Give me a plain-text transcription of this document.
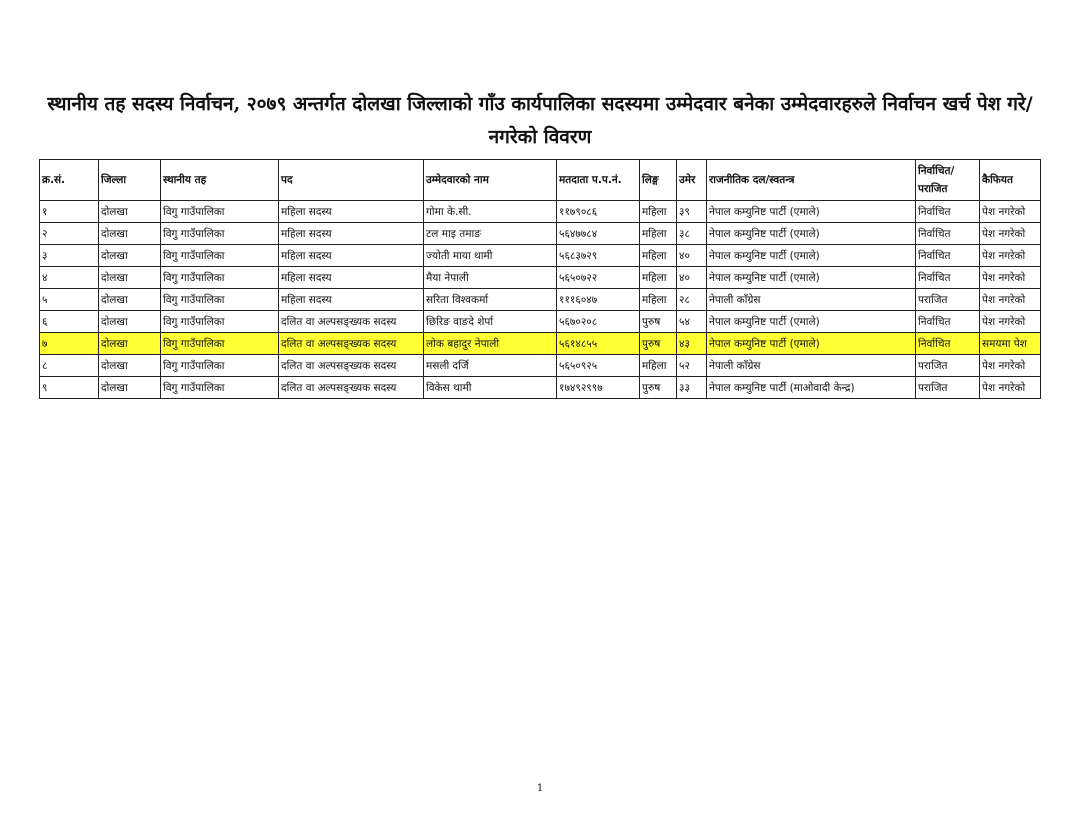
स्थानीय तह सदस्य निर्वाचन, २०७९ अन्तर्गत दोलखा जिल्लाको गाँउ कार्यपालिका सदस्यमा उम्मेदवार बनेका उम्मेदवारहरुले निर्वाचन खर्च पेश गरे/नगरेको विवरण
क्र.सं.	जिल्ला	स्थानीय तह	पद	उम्मेदवारको नाम	मतदाता प.प.नं.	लिङ्ग	उमेर	राजनीतिक दल/स्वतन्त्र	निर्वाचित/ पराजित	कैफियत
१	दोलखा	विगु गाउँपालिका	महिला सदस्य	गोमा के.सी.	११७९०८६	महिला	३९	नेपाल कम्युनिष्ट पार्टी (एमाले)	निर्वाचित	पेश नगरेको
२	दोलखा	विगु गाउँपालिका	महिला सदस्य	टल माइ तमाङ	५६४७७८४	महिला	३८	नेपाल कम्युनिष्ट पार्टी (एमाले)	निर्वाचित	पेश नगरेको
३	दोलखा	विगु गाउँपालिका	महिला सदस्य	ज्योती माया थामी	५६८३७२९	महिला	४०	नेपाल कम्युनिष्ट पार्टी (एमाले)	निर्वाचित	पेश नगरेको
४	दोलखा	विगु गाउँपालिका	महिला सदस्य	मैया नेपाली	५६५०७२२	महिला	४०	नेपाल कम्युनिष्ट पार्टी (एमाले)	निर्वाचित	पेश नगरेको
५	दोलखा	विगु गाउँपालिका	महिला सदस्य	सरिता विश्वकर्मा	१११६०४७	महिला	२८	नेपाली काँग्रेस	पराजित	पेश नगरेको
६	दोलखा	विगु गाउँपालिका	दलित वा अल्पसङ्ख्यक सदस्य	छिरिङ वाङदे शेर्पा	५६७०२०८	पुरुष	५४	नेपाल कम्युनिष्ट पार्टी (एमाले)	निर्वाचित	पेश नगरेको
७	दोलखा	विगु गाउँपालिका	दलित वा अल्पसङ्ख्यक सदस्य	लोक बहादुर नेपाली	५६१४८५५	पुरुष	४३	नेपाल कम्युनिष्ट पार्टी (एमाले)	निर्वाचित	समयमा पेश
८	दोलखा	विगु गाउँपालिका	दलित वा अल्पसङ्ख्यक सदस्य	मसली दर्जि	५६५०९२५	महिला	५२	नेपाली काँग्रेस	पराजित	पेश नगरेको
९	दोलखा	विगु गाउँपालिका	दलित वा अल्पसङ्ख्यक सदस्य	विकेस थामी	१७४९२९९७	पुरुष	३३	नेपाल कम्युनिष्ट पार्टी (माओवादी केन्द्र)	पराजित	पेश नगरेको
1
